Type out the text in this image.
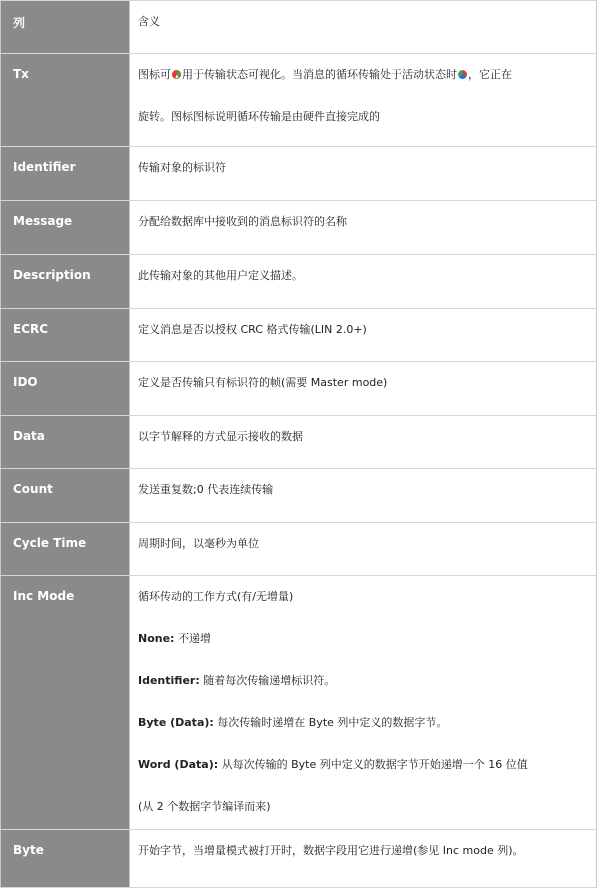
列	含义
Tx	图标可 用于传输状态可视化。当消息的循环传输处于活动状态时 ，它正在
旋转。图标图标说明循环传输是由硬件直接完成的
Identifier	传输对象的标识符
Message	分配给数据库中接收到的消息标识符的名称
Description	此传输对象的其他用户定义描述。
ECRC	定义消息是否以授权 CRC 格式传输(LIN 2.0+)
IDO	定义是否传输只有标识符的帧(需要 Master mode)
Data	以字节解释的方式显示接收的数据
Count	发送重复数;0 代表连续传输
Cycle Time	周期时间，以毫秒为单位
Inc Mode	循环传动的工作方式(有/无增量)
None: 不递增
Identifier: 随着每次传输递增标识符。
Byte (Data): 每次传输时递增在 Byte 列中定义的数据字节。
Word (Data): 从每次传输的 Byte 列中定义的数据字节开始递增一个 16 位值
(从 2 个数据字节编译而来)
Byte	开始字节，当增量模式被打开时，数据字段用它进行递增(参见 Inc mode 列)。
